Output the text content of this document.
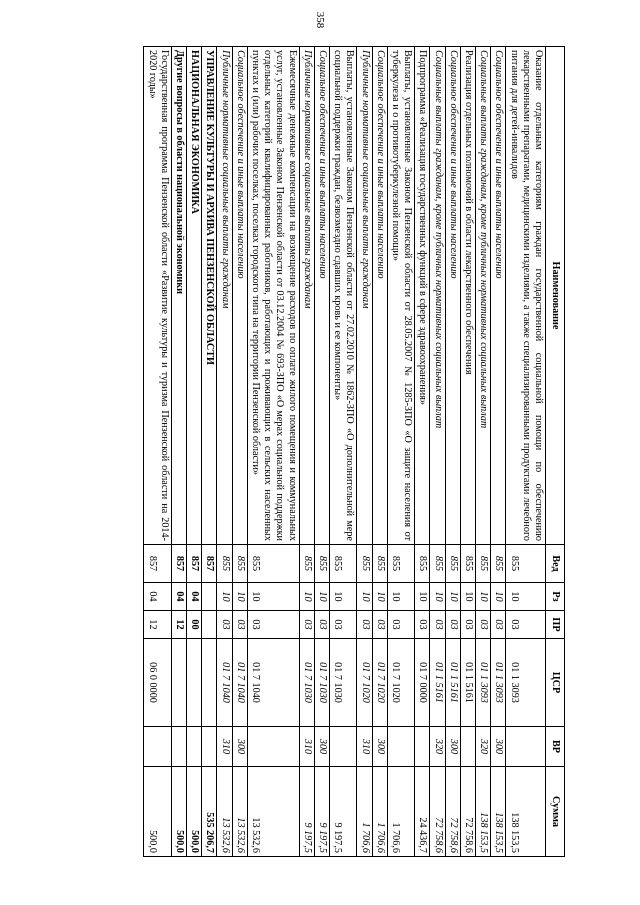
358
Наименование	Вед	Рз	ПР	ЦСР	ВР	Сумма
Оказание отдельным категориям граждан государственной социальной помощи по обеспечению лекарственными препаратами, медицинскими изделиями, а также специализированными продуктами лечебного питания для детей-инвалидов	855	10	03	01 1 3093		138 153,5
Социальное обеспечение и иные выплаты населению	855	10	03	01 1 3093	300	138 153,5
Социальные выплаты гражданам, кроме публичных нормативных социальных выплат	855	10	03	01 1 3093	320	138 153,5
Реализация отдельных полномочий в области лекарственного обеспечения	855	10	03	01 1 5161		72 758,6
Социальное обеспечение и иные выплаты населению	855	10	03	01 1 5161	300	72 758,6
Социальные выплаты гражданам, кроме публичных нормативных социальных выплат	855	10	03	01 1 5161	320	72 758,6
Подпрограмма «Реализация государственных функций в сфере здравоохранения»	855	10	03	01 7 0000		24 436,7
Выплаты, установленные Законом Пензенской области от 28.05.2007 № 1285-ЗПО «О защите населения от туберкулеза и о противотуберкулезной помощи»	855	10	03	01 7 1020		1 706,6
Социальное обеспечение и иные выплаты населению	855	10	03	01 7 1020	300	1 706,6
Публичные нормативные социальные выплаты гражданам	855	10	03	01 7 1020	310	1 706,6
Выплаты, установленные Законом Пензенской области от 27.02.2010 № 1862-ЗПО «О дополнительной мере социальной поддержки граждан, безвозмездно сдавших кровь и ее компоненты»	855	10	03	01 7 1030		9 197,5
Социальное обеспечение и иные выплаты населению	855	10	03	01 7 1030	300	9 197,5
Публичные нормативные социальные выплаты гражданам	855	10	03	01 7 1030	310	9 197,5
Ежемесячные денежные компенсации на возмещение расходов по оплате жилого помещения и коммунальных услуг, установленные Законом Пензенской области от 03.12.2004 № 693-ЗПО «О мерах социальной поддержки отдельных категорий квалифицированных работников, работающих и проживающих в сельских населенных пунктах и (или) рабочих поселках, поселках городского типа на территории Пензенской области»	855	10	03	01 7 1040		13 532,6
Социальное обеспечение и иные выплаты населению	855	10	03	01 7 1040	300	13 532,6
Публичные нормативные социальные выплаты гражданам	855	10	03	01 7 1040	310	13 532,6
УПРАВЛЕНИЕ КУЛЬТУРЫ И АРХИВА ПЕНЗЕНСКОЙ ОБЛАСТИ	857					535 206,7
НАЦИОНАЛЬНАЯ ЭКОНОМИКА	857	04	00			500,0
Другие вопросы в области национальной экономики	857	04	12			500,0
Государственная программа Пензенской области «Развитие культуры и туризма Пензенской области на 2014-2020 годы»	857	04	12	06 0 0000		500,0
